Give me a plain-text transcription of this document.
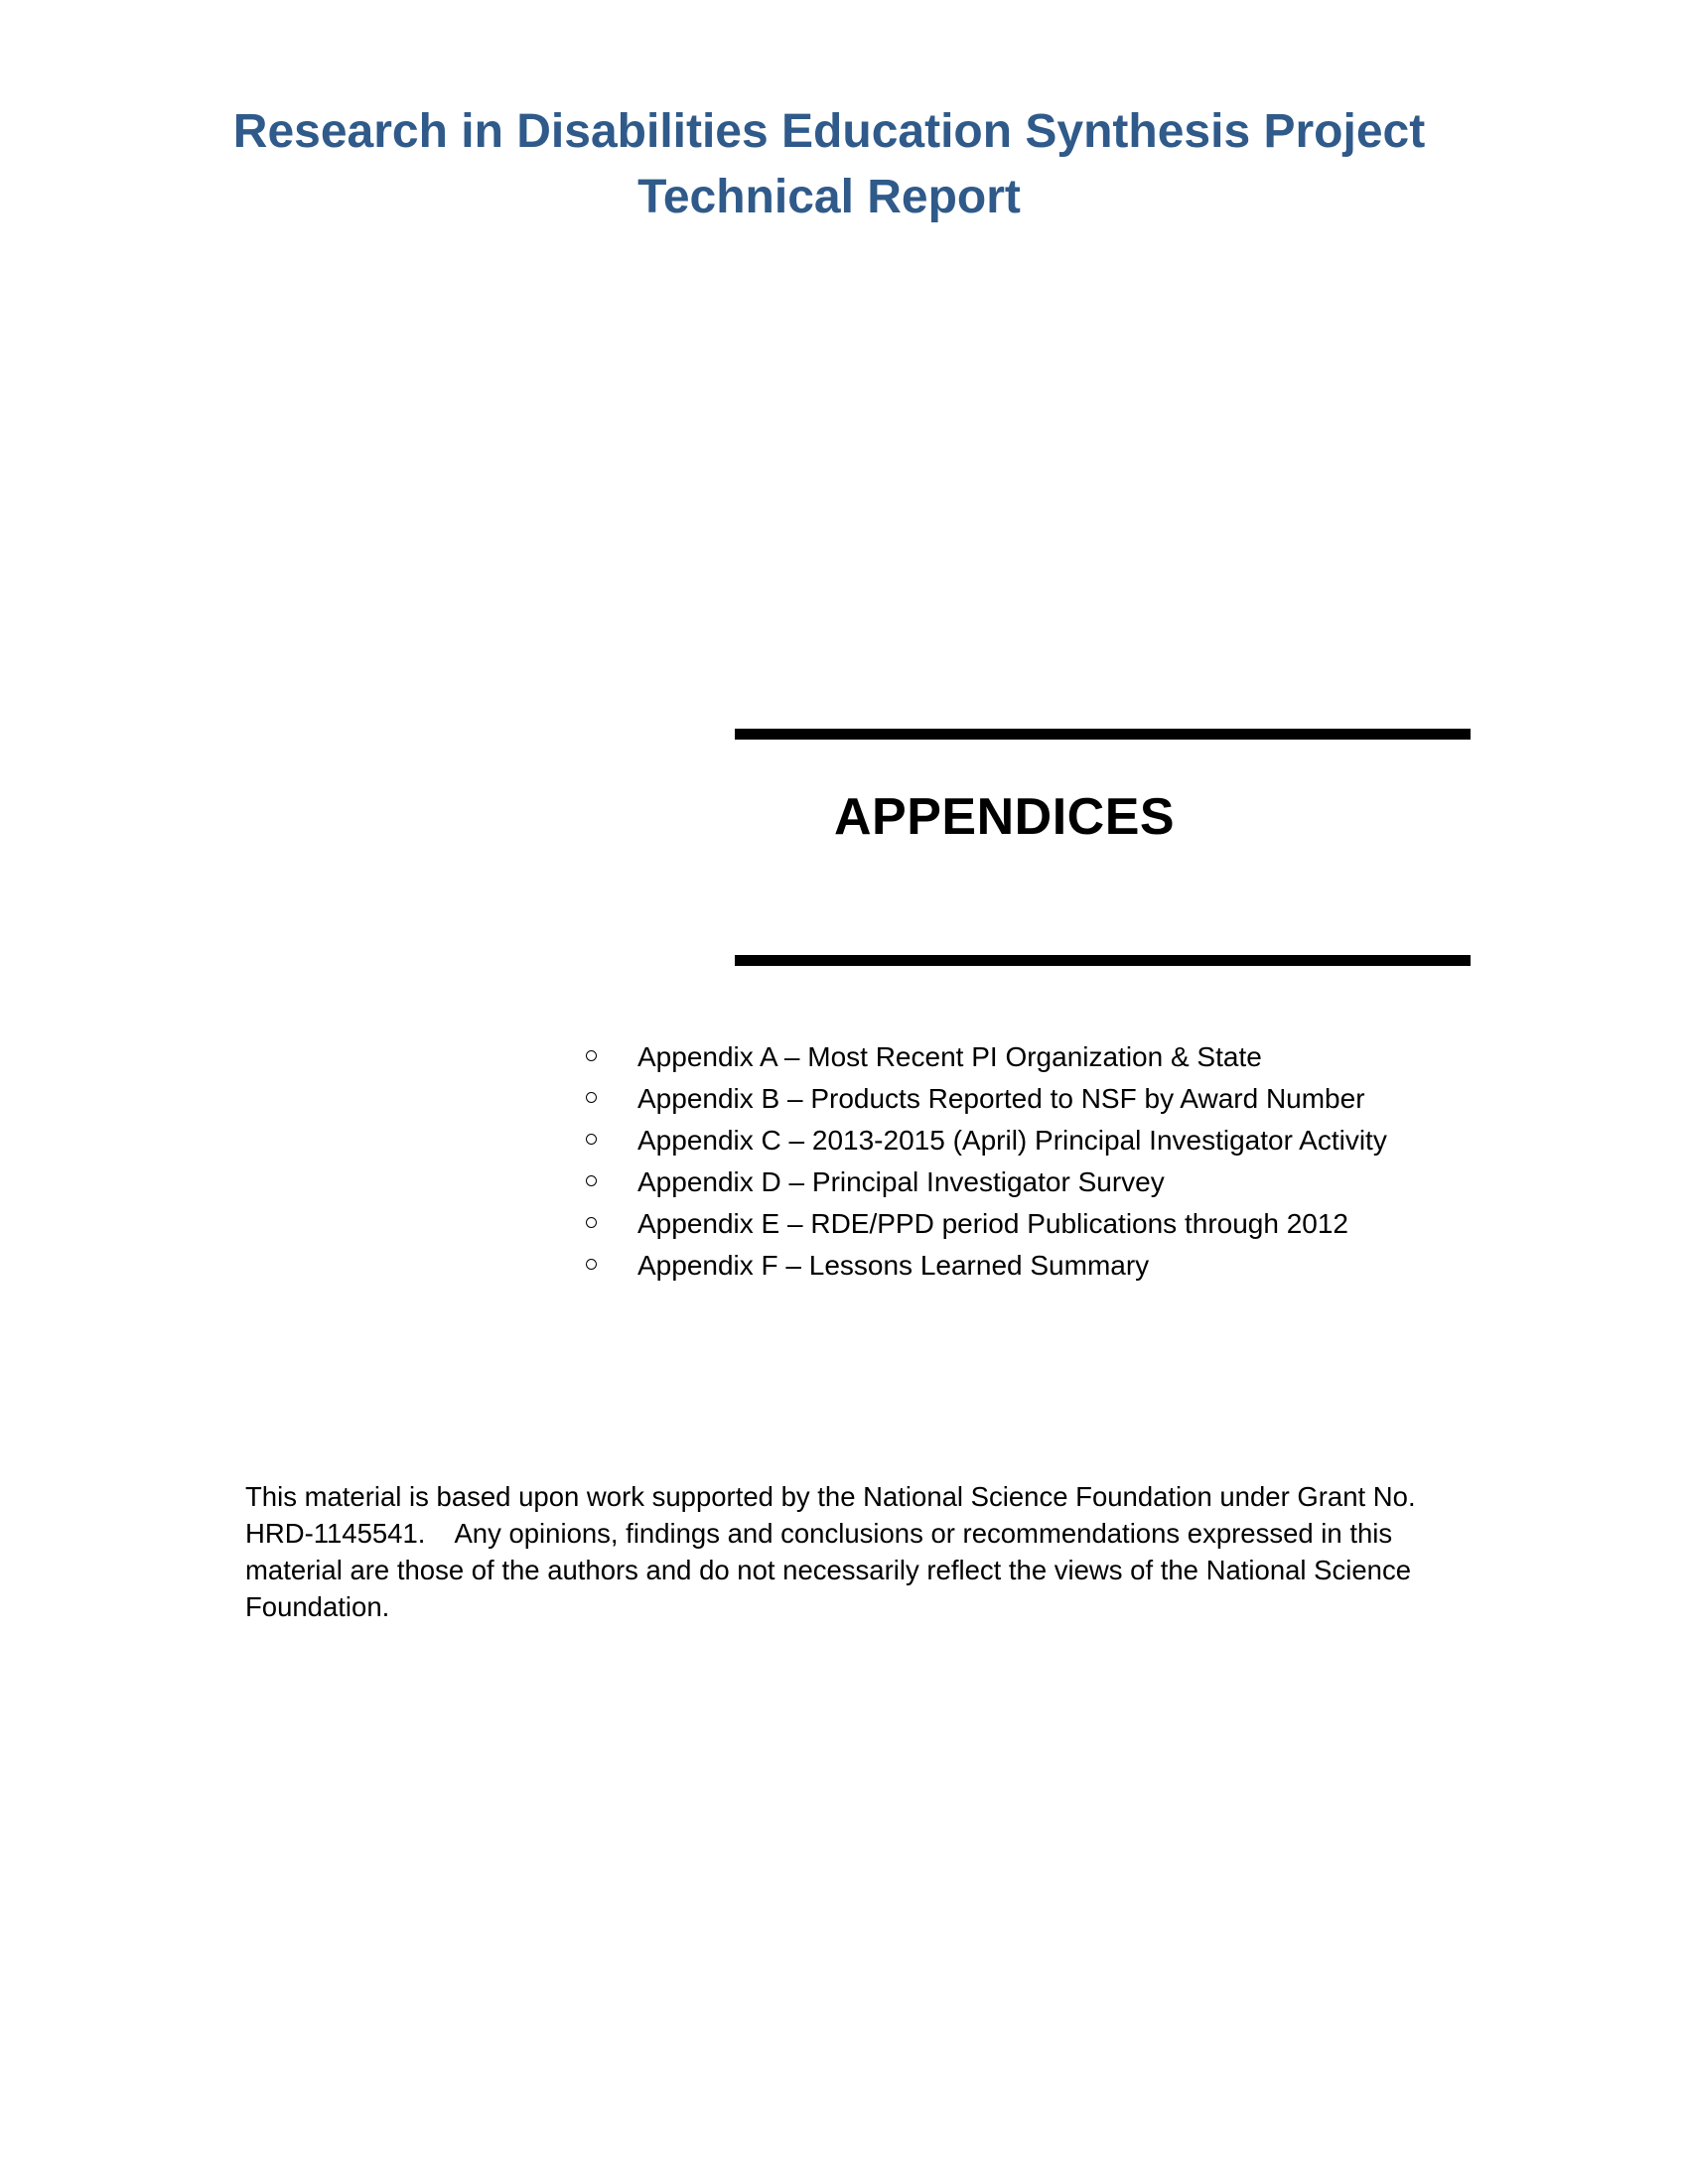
Research in Disabilities Education Synthesis Project
Technical Report
APPENDICES
Appendix A – Most Recent PI Organization & State
Appendix B – Products Reported to NSF by Award Number
Appendix C – 2013-2015 (April) Principal Investigator Activity
Appendix D – Principal Investigator Survey
Appendix E – RDE/PPD period Publications through 2012
Appendix F – Lessons Learned Summary

This material is based upon work supported by the National Science Foundation under Grant No.
HRD-1145541.    Any opinions, findings and conclusions or recommendations expressed in this
material are those of the authors and do not necessarily reflect the views of the National Science
Foundation.
